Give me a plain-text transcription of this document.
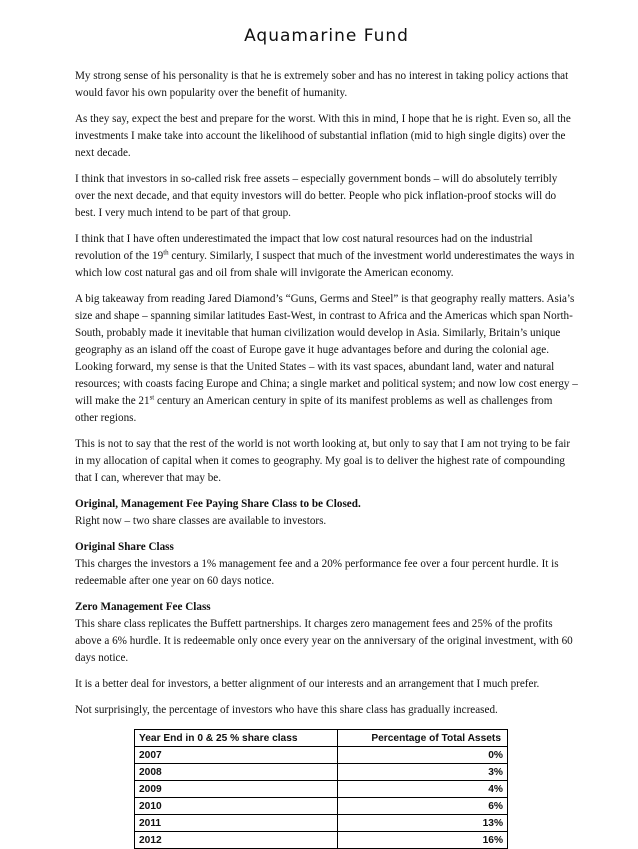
Aquamarine Fund

My strong sense of his personality is that he is extremely sober and has no interest in taking policy actions that would favor his own popularity over the benefit of humanity.

As they say, expect the best and prepare for the worst. With this in mind, I hope that he is right. Even so, all the investments I make take into account the likelihood of substantial inflation (mid to high single digits) over the next decade.

I think that investors in so-called risk free assets – especially government bonds – will do absolutely terribly over the next decade, and that equity investors will do better. People who pick inflation-proof stocks will do best. I very much intend to be part of that group.

I think that I have often underestimated the impact that low cost natural resources had on the industrial revolution of the 19th century. Similarly, I suspect that much of the investment world underestimates the ways in which low cost natural gas and oil from shale will invigorate the American economy.

A big takeaway from reading Jared Diamond’s “Guns, Germs and Steel” is that geography really matters. Asia’s size and shape – spanning similar latitudes East-West, in contrast to Africa and the Americas which span North-South, probably made it inevitable that human civilization would develop in Asia. Similarly, Britain’s unique geography as an island off the coast of Europe gave it huge advantages before and during the colonial age. Looking forward, my sense is that the United States – with its vast spaces, abundant land, water and natural resources; with coasts facing Europe and China; a single market and political system; and now low cost energy – will make the 21st century an American century in spite of its manifest problems as well as challenges from other regions.

This is not to say that the rest of the world is not worth looking at, but only to say that I am not trying to be fair in my allocation of capital when it comes to geography. My goal is to deliver the highest rate of compounding that I can, wherever that may be.

Original, Management Fee Paying Share Class to be Closed.
Right now – two share classes are available to investors.

Original Share Class
This charges the investors a 1% management fee and a 20% performance fee over a four percent hurdle. It is redeemable after one year on 60 days notice.

Zero Management Fee Class
This share class replicates the Buffett partnerships. It charges zero management fees and 25% of the profits above a 6% hurdle. It is redeemable only once every year on the anniversary of the original investment, with 60 days notice.

It is a better deal for investors, a better alignment of our interests and an arrangement that I much prefer.

Not surprisingly, the percentage of investors who have this share class has gradually increased.

Year End in 0 & 25 % share class	Percentage of Total Assets
2007	0%
2008	3%
2009	4%
2010	6%
2011	13%
2012	16%
